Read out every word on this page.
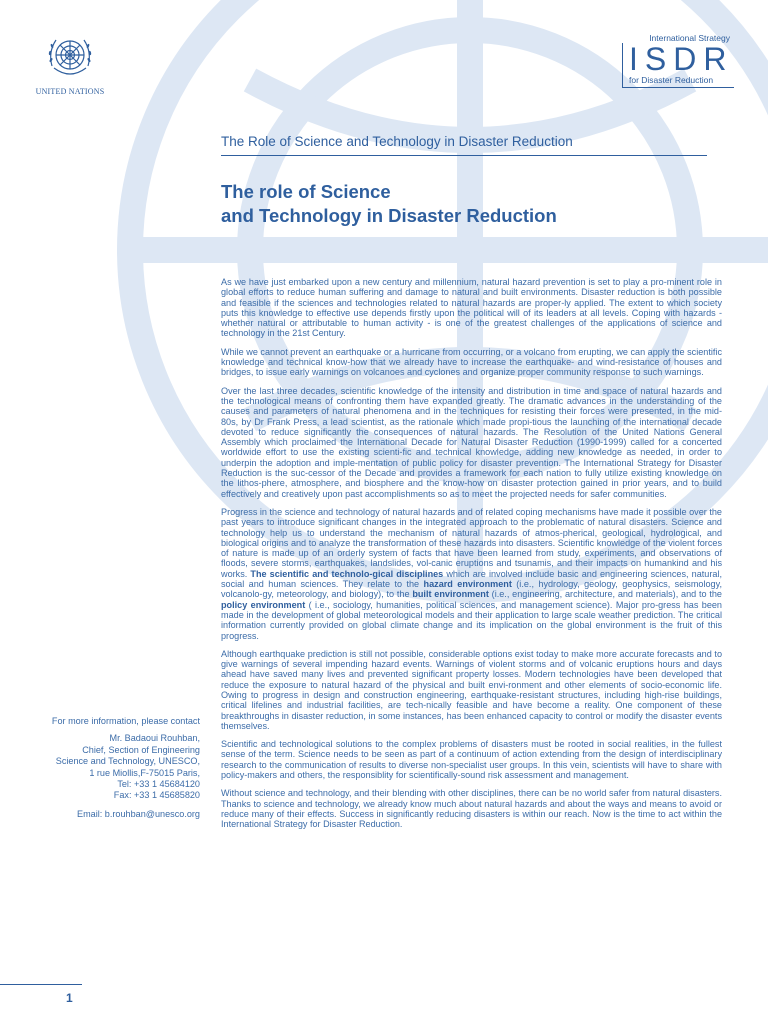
UNITED NATIONS
International Strategy
ISDR
for Disaster Reduction
The Role of Science and Technology in Disaster Reduction
The role of Science
and Technology in Disaster Reduction

As we have just embarked upon a new century and millennium, natural hazard prevention is set to play a pro-minent role in global efforts to reduce human suffering and damage to natural and built environments. Disaster reduction is both possible and feasible if the sciences and technologies related to natural hazards are proper-ly applied. The extent to which society puts this knowledge to effective use depends firstly upon the political will of its leaders at all levels. Coping with hazards - whether natural or attributable to human activity - is one of the greatest challenges of the applications of science and technology in the 21st Century.

While we cannot prevent an earthquake or a hurricane from occurring, or a volcano from erupting, we can apply the scientific knowledge and technical know-how that we already have to increase the earthquake- and wind-resistance of houses and bridges, to issue early warnings on volcanoes and cyclones and organize proper community response to such warnings.

Over the last three decades, scientific knowledge of the intensity and distribution in time and space of natural hazards and the technological means of confronting them have expanded greatly. The dramatic advances in the understanding of the causes and parameters of natural phenomena and in the techniques for resisting their forces were presented, in the mid-80s, by Dr Frank Press, a lead scientist, as the rationale which made propi-tious the launching of the international decade devoted to reduce significantly the consequences of natural hazards. The Resolution of the United Nations General Assembly which proclaimed the International Decade for Natural Disaster Reduction (1990-1999) called for a concerted worldwide effort to use the existing scienti-fic and technical knowledge, adding new knowledge as needed, in order to underpin the adoption and imple-mentation of public policy for disaster prevention. The International Strategy for Disaster Reduction is the suc-cessor of the Decade and provides a framework for each nation to fully utilize existing knowledge on the lithos-phere, atmosphere, and biosphere and the know-how on disaster protection gained in prior years, and to build effectively and creatively upon past accomplishments so as to meet the projected needs for safer communities.

Progress in the science and technology of natural hazards and of related coping mechanisms have made it possible over the past years to introduce significant changes in the integrated approach to the problematic of natural disasters. Science and technology help us to understand the mechanism of natural hazards of atmos-pherical, geological, hydrological, and biological origins and to analyze the transformation of these hazards into disasters. Scientific knowledge of the violent forces of nature is made up of an orderly system of facts that have been learned from study, experiments, and observations of floods, severe storms, earthquakes, landslides, vol-canic eruptions and tsunamis, and their impacts on humankind and his works. The scientific and technolo-gical disciplines which are involved include basic and engineering sciences, natural, social and human sciences. They relate to the hazard environment (i.e., hydrology, geology, geophysics, seismology, volcanolo-gy, meteorology, and biology), to the built environment (i.e., engineering, architecture, and materials), and to the policy environment ( i.e., sociology, humanities, political sciences, and management science). Major pro-gress has been made in the development of global meteorological models and their application to large scale weather prediction. The critical information currently provided on global climate change and its implication on the global environment is the fruit of this progress.

Although earthquake prediction is still not possible, considerable options exist today to make more accurate forecasts and to give warnings of several impending hazard events. Warnings of violent storms and of volcanic eruptions hours and days ahead have saved many lives and prevented significant property losses. Modern technologies have been developed that reduce the exposure to natural hazard of the physical and built envi-ronment and other elements of socio-economic life. Owing to progress in design and construction engineering, earthquake-resistant structures, including high-rise buildings, critical lifelines and industrial facilities, are tech-nically feasible and have become a reality. One component of these breakthroughs in disaster reduction, in some instances, has been enhanced capacity to control or modify the disaster events themselves.

Scientific and technological solutions to the complex problems of disasters must be rooted in social realities, in the fullest sense of the term. Science needs to be seen as part of a continuum of action extending from the design of interdisciplinary research to the communication of results to diverse non-specialist user groups. In this vein, scientists will have to share with policy-makers and others, the responsiblity for scientifically-sound risk assessment and management.

Without science and technology, and their blending with other disciplines, there can be no world safer from natural disasters. Thanks to science and technology, we already know much about natural hazards and about the ways and means to avoid or reduce many of their effects. Success in significantly reducing disasters is within our reach. Now is the time to act within the International Strategy for Disaster Reduction.

For more information, please contact
Mr. Badaoui Rouhban,
Chief, Section of Engineering
Science and Technology, UNESCO,
1 rue Miollis,F-75015 Paris,
Tel: +33 1 45684120
Fax: +33 1 45685820
Email: b.rouhban@unesco.org
1
